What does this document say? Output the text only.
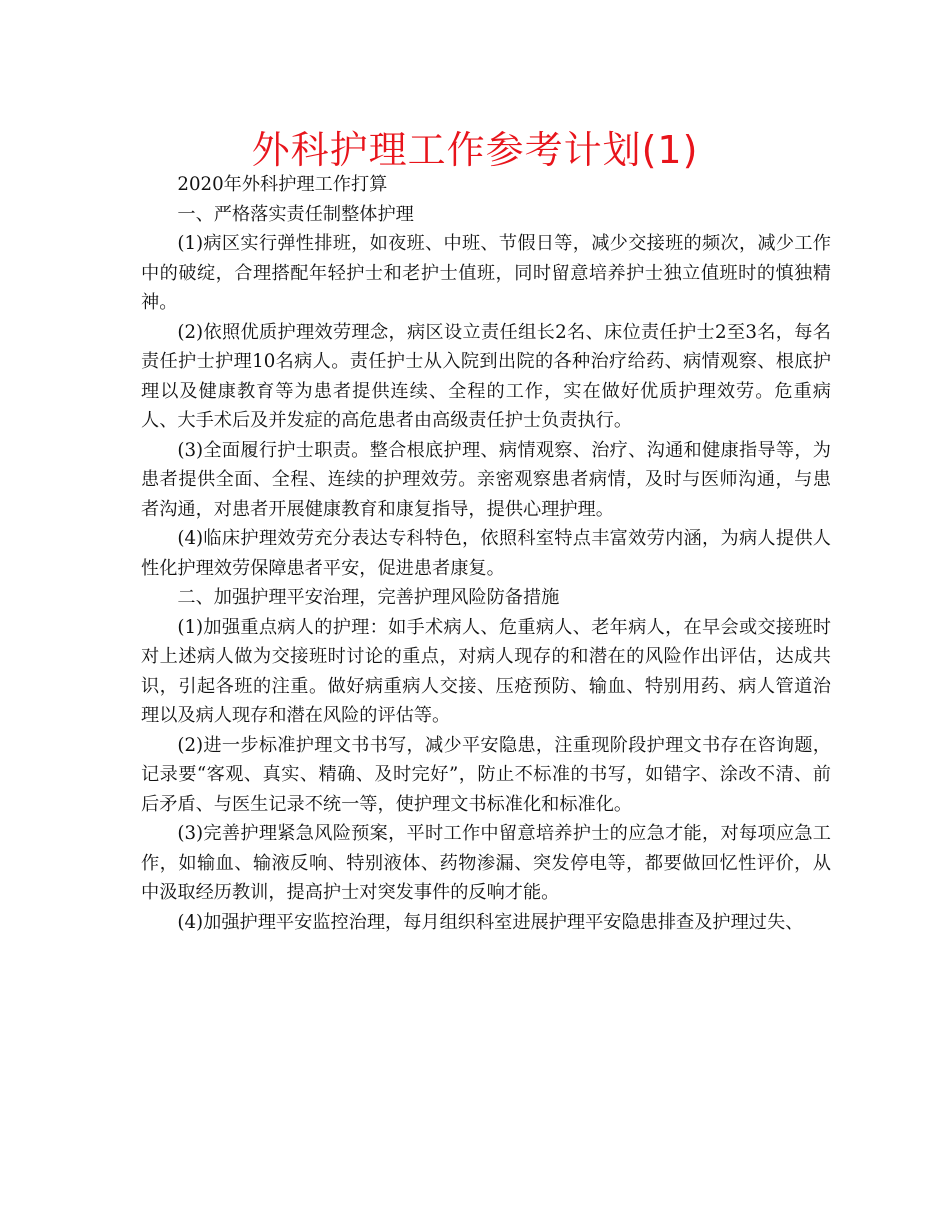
外科护理工作参考计划(1)

2020年外科护理工作打算

一、严格落实责任制整体护理

(1)病区实行弹性排班，如夜班、中班、节假日等，减少交接班的频次，减少工作中的破绽，合理搭配年轻护士和老护士值班，同时留意培养护士独立值班时的慎独精神。

(2)依照优质护理效劳理念，病区设立责任组长2名、床位责任护士2至3名，每名责任护士护理10名病人。责任护士从入院到出院的各种治疗给药、病情观察、根底护理以及健康教育等为患者提供连续、全程的工作，实在做好优质护理效劳。危重病人、大手术后及并发症的高危患者由高级责任护士负责执行。

(3)全面履行护士职责。整合根底护理、病情观察、治疗、沟通和健康指导等，为患者提供全面、全程、连续的护理效劳。亲密观察患者病情，及时与医师沟通，与患者沟通，对患者开展健康教育和康复指导，提供心理护理。

(4)临床护理效劳充分表达专科特色，依照科室特点丰富效劳内涵，为病人提供人性化护理效劳保障患者平安，促进患者康复。

二、加强护理平安治理，完善护理风险防备措施

(1)加强重点病人的护理：如手术病人、危重病人、老年病人，在早会或交接班时对上述病人做为交接班时讨论的重点，对病人现存的和潜在的风险作出评估，达成共识，引起各班的注重。做好病重病人交接、压疮预防、输血、特别用药、病人管道治理以及病人现存和潜在风险的评估等。

(2)进一步标准护理文书书写，减少平安隐患，注重现阶段护理文书存在咨询题，记录要“客观、真实、精确、及时完好”，防止不标准的书写，如错字、涂改不清、前后矛盾、与医生记录不统一等，使护理文书标准化和标准化。

(3)完善护理紧急风险预案，平时工作中留意培养护士的应急才能，对每项应急工作，如输血、输液反响、特别液体、药物渗漏、突发停电等，都要做回忆性评价，从中汲取经历教训，提高护士对突发事件的反响才能。

(4)加强护理平安监控治理，每月组织科室进展护理平安隐患排查及护理过失、
